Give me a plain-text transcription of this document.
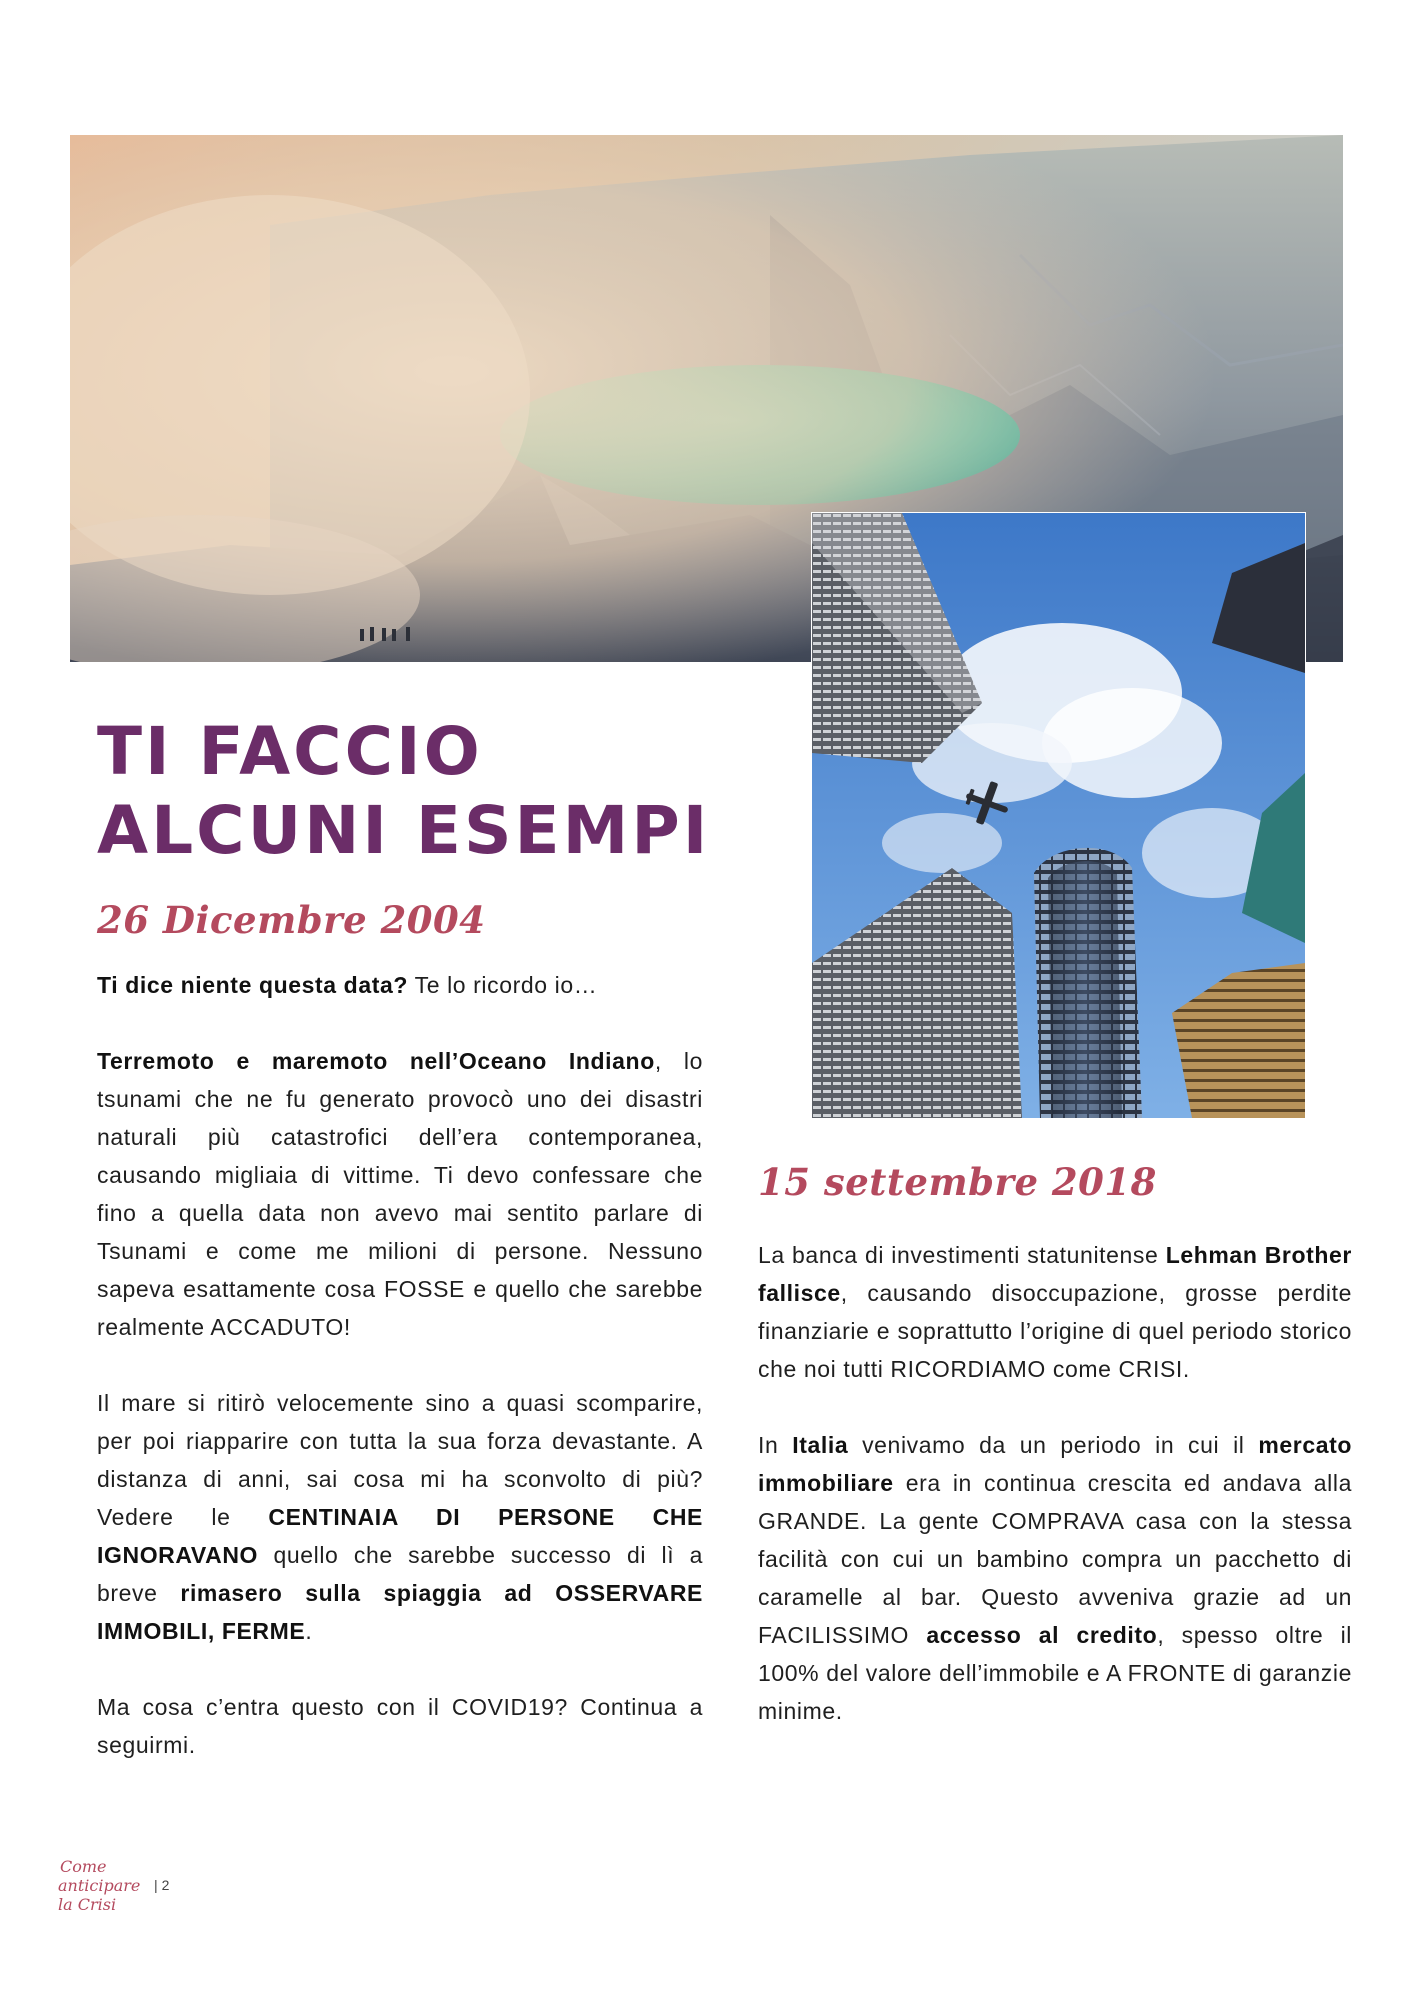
TI FACCIO
ALCUNI ESEMPI
26 Dicembre 2004

Ti dice niente questa data? Te lo ricordo io…

Terremoto e maremoto nell’Oceano Indiano, lo tsunami che ne fu generato provocò uno dei disastri naturali più catastrofici dell’era contemporanea, causando migliaia di vittime. Ti devo confessare che fino a quella data non avevo mai sentito parlare di Tsunami e come me milioni di persone. Nessuno sapeva esattamente cosa FOSSE e quello che sarebbe realmente ACCADUTO!

Il mare si ritirò velocemente sino a quasi scomparire, per poi riapparire con tutta la sua forza devastante. A distanza di anni, sai cosa mi ha sconvolto di più? Vedere le CENTINAIA DI PERSONE CHE IGNORAVANO quello che sarebbe successo di lì a breve rimasero sulla spiaggia ad OSSERVARE IMMOBILI, FERME.

Ma cosa c’entra questo con il COVID19? Continua a seguirmi.

15 settembre 2018

La banca di investimenti statunitense Lehman Brother fallisce, causando disoccupazione, grosse perdite finanziarie e soprattutto l’origine di quel periodo storico che noi tutti RICORDIAMO come CRISI.

In Italia venivamo da un periodo in cui il mercato immobiliare era in continua crescita ed andava alla GRANDE. La gente COMPRAVA casa con la stessa facilità con cui un bambino compra un pacchetto di caramelle al bar. Questo avveniva grazie ad un FACILISSIMO accesso al credito, spesso oltre il 100% del valore dell’immobile e A FRONTE di garanzie minime.

Come
anticipare
la Crisi
| 2
